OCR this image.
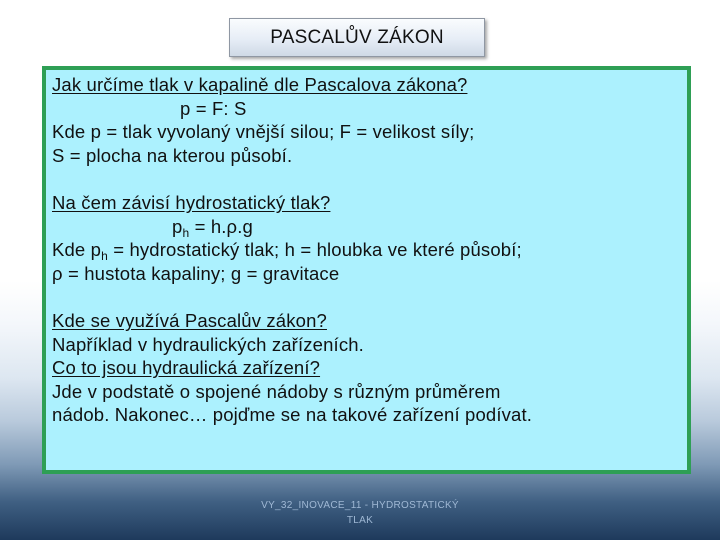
PASCALŮV ZÁKON
Jak určíme tlak v kapalině dle Pascalova zákona?
p = F: S
Kde p = tlak vyvolaný vnější silou; F = velikost síly;
S = plocha na kterou působí.
Na čem závisí hydrostatický tlak?
$p_h = h.\rho.g$
Kde $p_h$ = hydrostatický tlak; h = hloubka ve které působí;
ρ = hustota kapaliny; g = gravitace
Kde se využívá Pascalův zákon?
Například v hydraulických zařízeních.
Co to jsou hydraulická zařízení?
Jde v podstatě o spojené nádoby s různým průměrem
nádob. Nakonec… pojďme se na takové zařízení podívat.
VY_32_INOVACE_11 - HYDROSTATICKÝ
TLAK
